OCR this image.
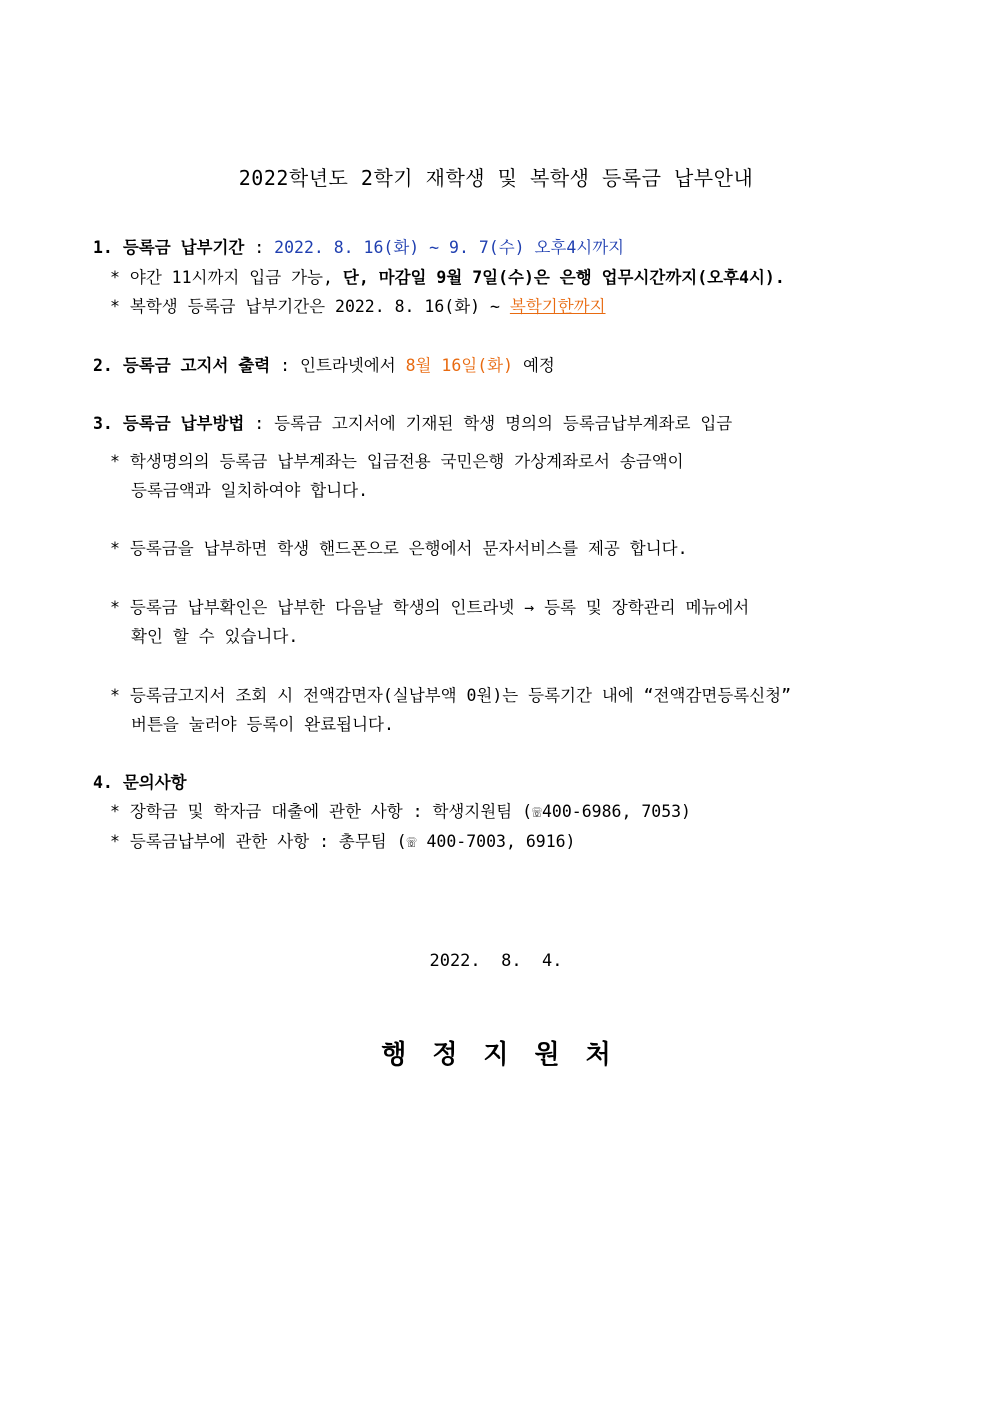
2022학년도 2학기 재학생 및 복학생 등록금 납부안내
1. 등록금 납부기간 : 2022. 8. 16(화) ~ 9. 7(수) 오후4시까지
* 야간 11시까지 입금 가능, 단, 마감일 9월 7일(수)은 은행 업무시간까지(오후4시).
* 복학생 등록금 납부기간은 2022. 8. 16(화) ~ 복학기한까지
2. 등록금 고지서 출력 : 인트라넷에서 8월 16일(화) 예정
3. 등록금 납부방법 : 등록금 고지서에 기재된 학생 명의의 등록금납부계좌로 입금
* 학생명의의 등록금 납부계좌는 입금전용 국민은행 가상계좌로서 송금액이
등록금액과 일치하여야 합니다.
* 등록금을 납부하면 학생 핸드폰으로 은행에서 문자서비스를 제공 합니다.
* 등록금 납부확인은 납부한 다음날 학생의 인트라넷 → 등록 및 장학관리 메뉴에서
확인 할 수 있습니다.
* 등록금고지서 조회 시 전액감면자(실납부액 0원)는 등록기간 내에 “전액감면등록신청”
버튼을 눌러야 등록이 완료됩니다.
4. 문의사항
* 장학금 및 학자금 대출에 관한 사항 : 학생지원팀 (☏400-6986, 7053)
* 등록금납부에 관한 사항 : 총무팀 (☏ 400-7003, 6916)
2022.  8.  4.
행정지원처
